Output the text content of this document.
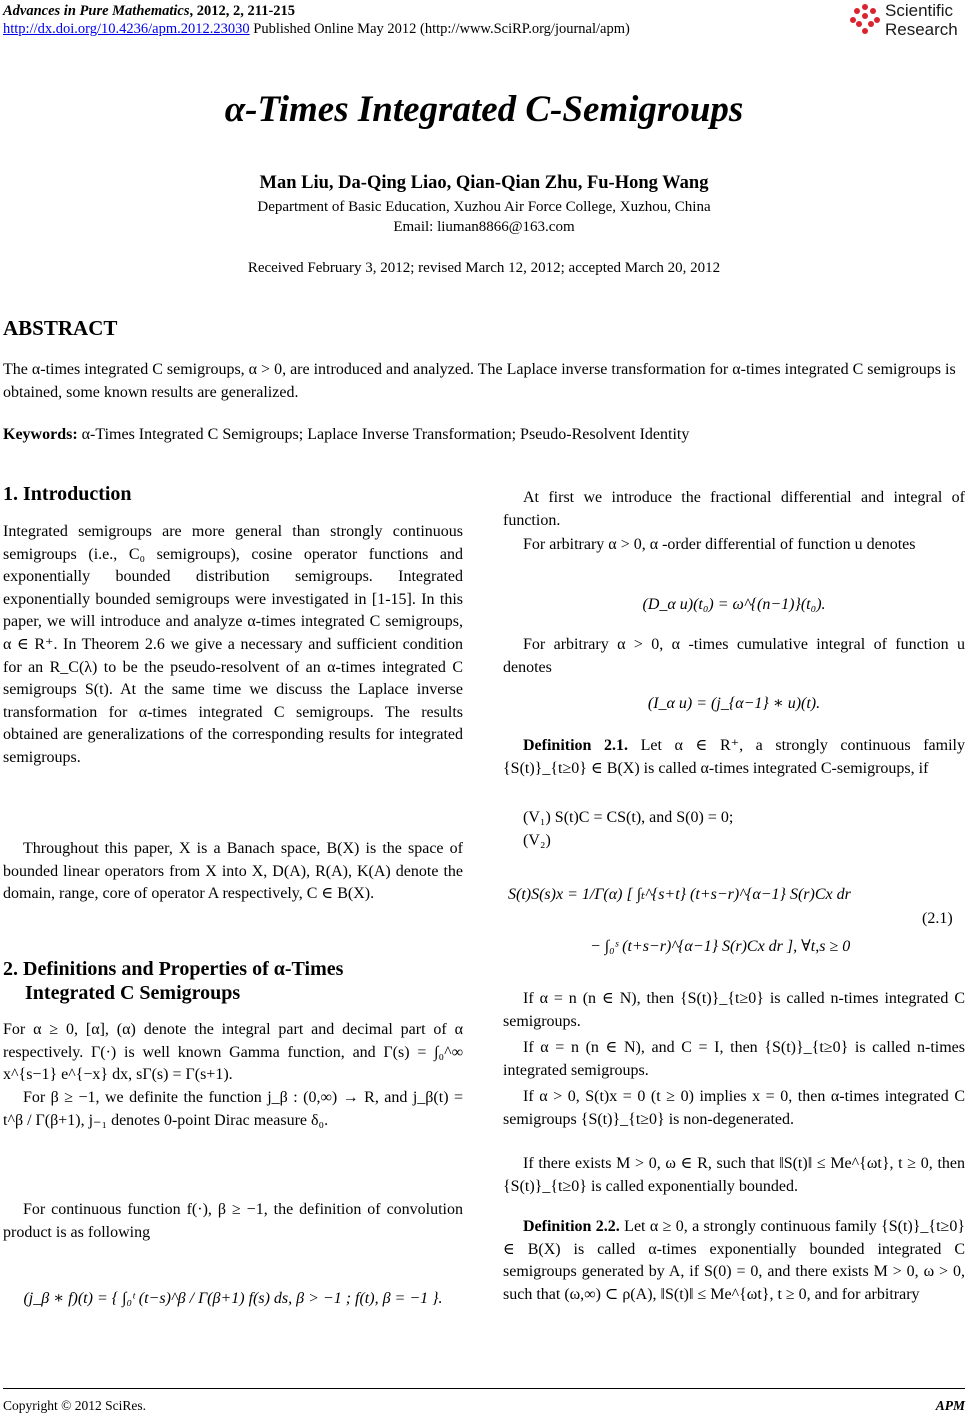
Advances in Pure Mathematics, 2012, 2, 211-215
http://dx.doi.org/10.4236/apm.2012.23030 Published Online May 2012 (http://www.SciRP.org/journal/apm)
Scientific
Research
α-Times Integrated C-Semigroups
Man Liu, Da-Qing Liao, Qian-Qian Zhu, Fu-Hong Wang
Department of Basic Education, Xuzhou Air Force College, Xuzhou, China
Email: liuman8866@163.com
Received February 3, 2012; revised March 12, 2012; accepted March 20, 2012
ABSTRACT
The α-times integrated C semigroups, α > 0, are introduced and analyzed. The Laplace inverse transformation for α-times integrated C semigroups is obtained, some known results are generalized.
Keywords: α-Times Integrated C Semigroups; Laplace Inverse Transformation; Pseudo-Resolvent Identity
1. Introduction
Integrated semigroups are more general than strongly continuous semigroups (i.e., C₀ semigroups), cosine operator functions and exponentially bounded distribution semigroups. Integrated exponentially bounded semigroups were investigated in [1-15]. In this paper, we will introduce and analyze α-times integrated C semigroups, α ∈ R⁺. In Theorem 2.6 we give a necessary and sufficient condition for an R_C(λ) to be the pseudo-resolvent of an α-times integrated C semigroups S(t). At the same time we discuss the Laplace inverse transformation for α-times integrated C semigroups. The results obtained are generalizations of the corresponding results for integrated semigroups.
Throughout this paper, X is a Banach space, B(X) is the space of bounded linear operators from X into X, D(A), R(A), K(A) denote the domain, range, core of operator A respectively, C ∈ B(X).
2. Definitions and Properties of α-Times
Integrated C Semigroups
For α ≥ 0, [α], (α) denote the integral part and decimal part of α respectively. Γ(·) is well known Gamma function, and Γ(s) = ∫₀^∞ x^{s−1} e^{−x} dx, sΓ(s) = Γ(s+1).
For β ≥ −1, we definite the function j_β : (0,∞) → R, and j_β(t) = t^β / Γ(β+1), j₋₁ denotes 0-point Dirac measure δ₀.
For continuous function f(·), β ≥ −1, the definition of convolution product is as following
(j_β ∗ f)(t) = { ∫₀ᵗ (t−s)^β / Γ(β+1) f(s) ds, β > −1 ; f(t), β = −1 }.
At first we introduce the fractional differential and integral of function.
For arbitrary α > 0, α -order differential of function u denotes
(D_α u)(t₀) = ω^{(n−1)}(t₀).
For arbitrary α > 0, α -times cumulative integral of function u denotes
(I_α u) = (j_{α−1} ∗ u)(t).
Definition 2.1. Let α ∈ R⁺, a strongly continuous family {S(t)}_{t≥0} ∈ B(X) is called α-times integrated C-semigroups, if
(V₁) S(t)C = CS(t), and S(0) = 0;
(V₂)
S(t)S(s)x = 1/Γ(α) [ ∫ₜ^{s+t} (t+s−r)^{α−1} S(r)Cx dr
− ∫₀ˢ (t+s−r)^{α−1} S(r)Cx dr ], ∀t,s ≥ 0
(2.1)
If α = n (n ∈ N), then {S(t)}_{t≥0} is called n-times integrated C semigroups.
If α = n (n ∈ N), and C = I, then {S(t)}_{t≥0} is called n-times integrated semigroups.
If α > 0, S(t)x = 0 (t ≥ 0) implies x = 0, then α-times integrated C semigroups {S(t)}_{t≥0} is non-degenerated.
If there exists M > 0, ω ∈ R, such that ‖S(t)‖ ≤ Me^{ωt}, t ≥ 0, then {S(t)}_{t≥0} is called exponentially bounded.
Definition 2.2. Let α ≥ 0, a strongly continuous family {S(t)}_{t≥0} ∈ B(X) is called α-times exponentially bounded integrated C semigroups generated by A, if S(0) = 0, and there exists M > 0, ω > 0, such that (ω,∞) ⊂ ρ(A), ‖S(t)‖ ≤ Me^{ωt}, t ≥ 0, and for arbitrary
Copyright © 2012 SciRes.	APM
